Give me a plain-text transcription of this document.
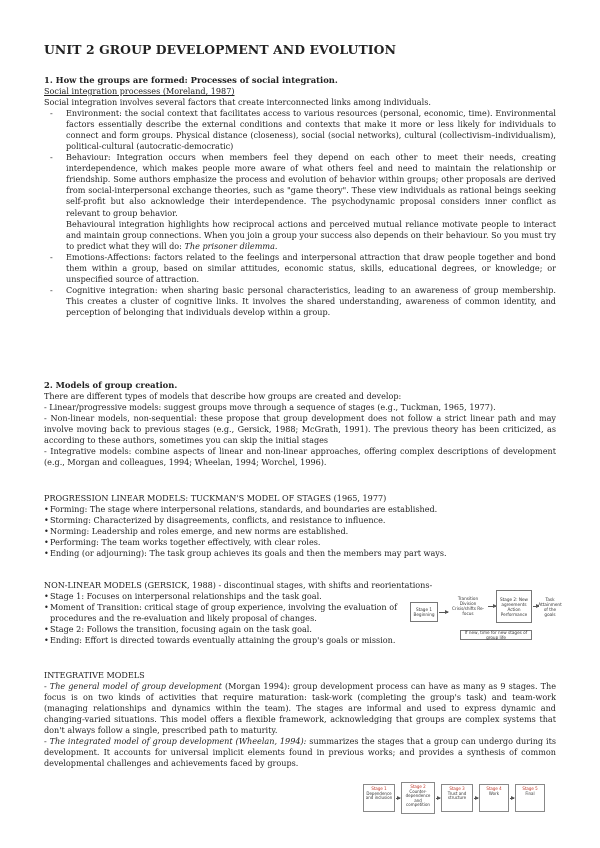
UNIT 2 GROUP DEVELOPMENT AND EVOLUTION
1. How the groups are formed: Processes of social integration.
Social integration processes (Moreland, 1987)
Social integration involves several factors that create interconnected links among individuals.
- Environment: the social context that facilitates access to various resources (personal, economic, time). Environmental factors essentially describe the external conditions and contexts that make it more or less likely for individuals to connect and form groups. Physical distance (closeness), social (social networks), cultural (collectivism–individualism), political-cultural (autocratic-democratic)
- Behaviour: Integration occurs when members feel they depend on each other to meet their needs, creating interdependence, which makes people more aware of what others feel and need to maintain the relationship or friendship. Some authors emphasize the process and evolution of behavior within groups; other proposals are derived from social-interpersonal exchange theories, such as "game theory". These view individuals as rational beings seeking self-profit but also acknowledge their interdependence. The psychodynamic proposal considers inner conflict as relevant to group behavior.
Behavioural integration highlights how reciprocal actions and perceived mutual reliance motivate people to interact and maintain group connections. When you join a group your success also depends on their behaviour. So you must try to predict what they will do: The prisoner dilemma.
- Emotions-Affections: factors related to the feelings and interpersonal attraction that draw people together and bond them within a group, based on similar attitudes, economic status, skills, educational degrees, or knowledge; or unspecified source of attraction.
- Cognitive integration: when sharing basic personal characteristics, leading to an awareness of group membership. This creates a cluster of cognitive links. It involves the shared understanding, awareness of common identity, and perception of belonging that individuals develop within a group.
2. Models of group creation.
There are different types of models that describe how groups are created and develop:
- Linear/progressive models: suggest groups move through a sequence of stages (e.g., Tuckman, 1965, 1977).
- Non-linear models, non-sequential: these propose that group development does not follow a strict linear path and may involve moving back to previous stages (e.g., Gersick, 1988; McGrath, 1991). The previous theory has been criticized, as according to these authors, sometimes you can skip the initial stages
- Integrative models: combine aspects of linear and non-linear approaches, offering complex descriptions of development (e.g., Morgan and colleagues, 1994; Wheelan, 1994; Worchel, 1996).
PROGRESSION LINEAR MODELS: TUCKMAN'S MODEL OF STAGES (1965, 1977)
• Forming: The stage where interpersonal relations, standards, and boundaries are established.
• Storming: Characterized by disagreements, conflicts, and resistance to influence.
• Norming: Leadership and roles emerge, and new norms are established.
• Performing: The team works together effectively, with clear roles.
• Ending (or adjourning): The task group achieves its goals and then the members may part ways.
NON-LINEAR MODELS (GERSICK, 1988) - discontinual stages, with shifts and reorientations-
• Stage 1: Focuses on interpersonal relationships and the task goal.
• Moment of Transition: critical stage of group experience, involving the evaluation of procedures and the re-evaluation and likely proposal of changes.
• Stage 2: Follows the transition, focusing again on the task goal.
• Ending: Effort is directed towards eventually attaining the group's goals or mission.
Stage 1 Beginning
Transition Division Crisis/shifts Re-focus
Stage 2: New agreements Action Performance
Task Attainment of the goals
If new, time for new stages of group life
INTEGRATIVE MODELS
- The general model of group development (Morgan 1994): group development process can have as many as 9 stages. The focus is on two kinds of activities that require maturation: task-work (completing the group's task) and team-work (managing relationships and dynamics within the team). The stages are informal and used to express dynamic and changing-varied situations. This model offers a flexible framework, acknowledging that groups are complex systems that don't always follow a single, prescribed path to maturity.
- The integrated model of group development (Wheelan, 1994): summarizes the stages that a group can undergo during its development. It accounts for universal implicit elements found in previous works; and provides a synthesis of common developmental challenges and achievements faced by groups.
Stage 1
Dependence and inclusion
Stage 2
Counter-dependence and competition
Stage 3
Trust and structure
Stage 4
Work
Stage 5
Final
